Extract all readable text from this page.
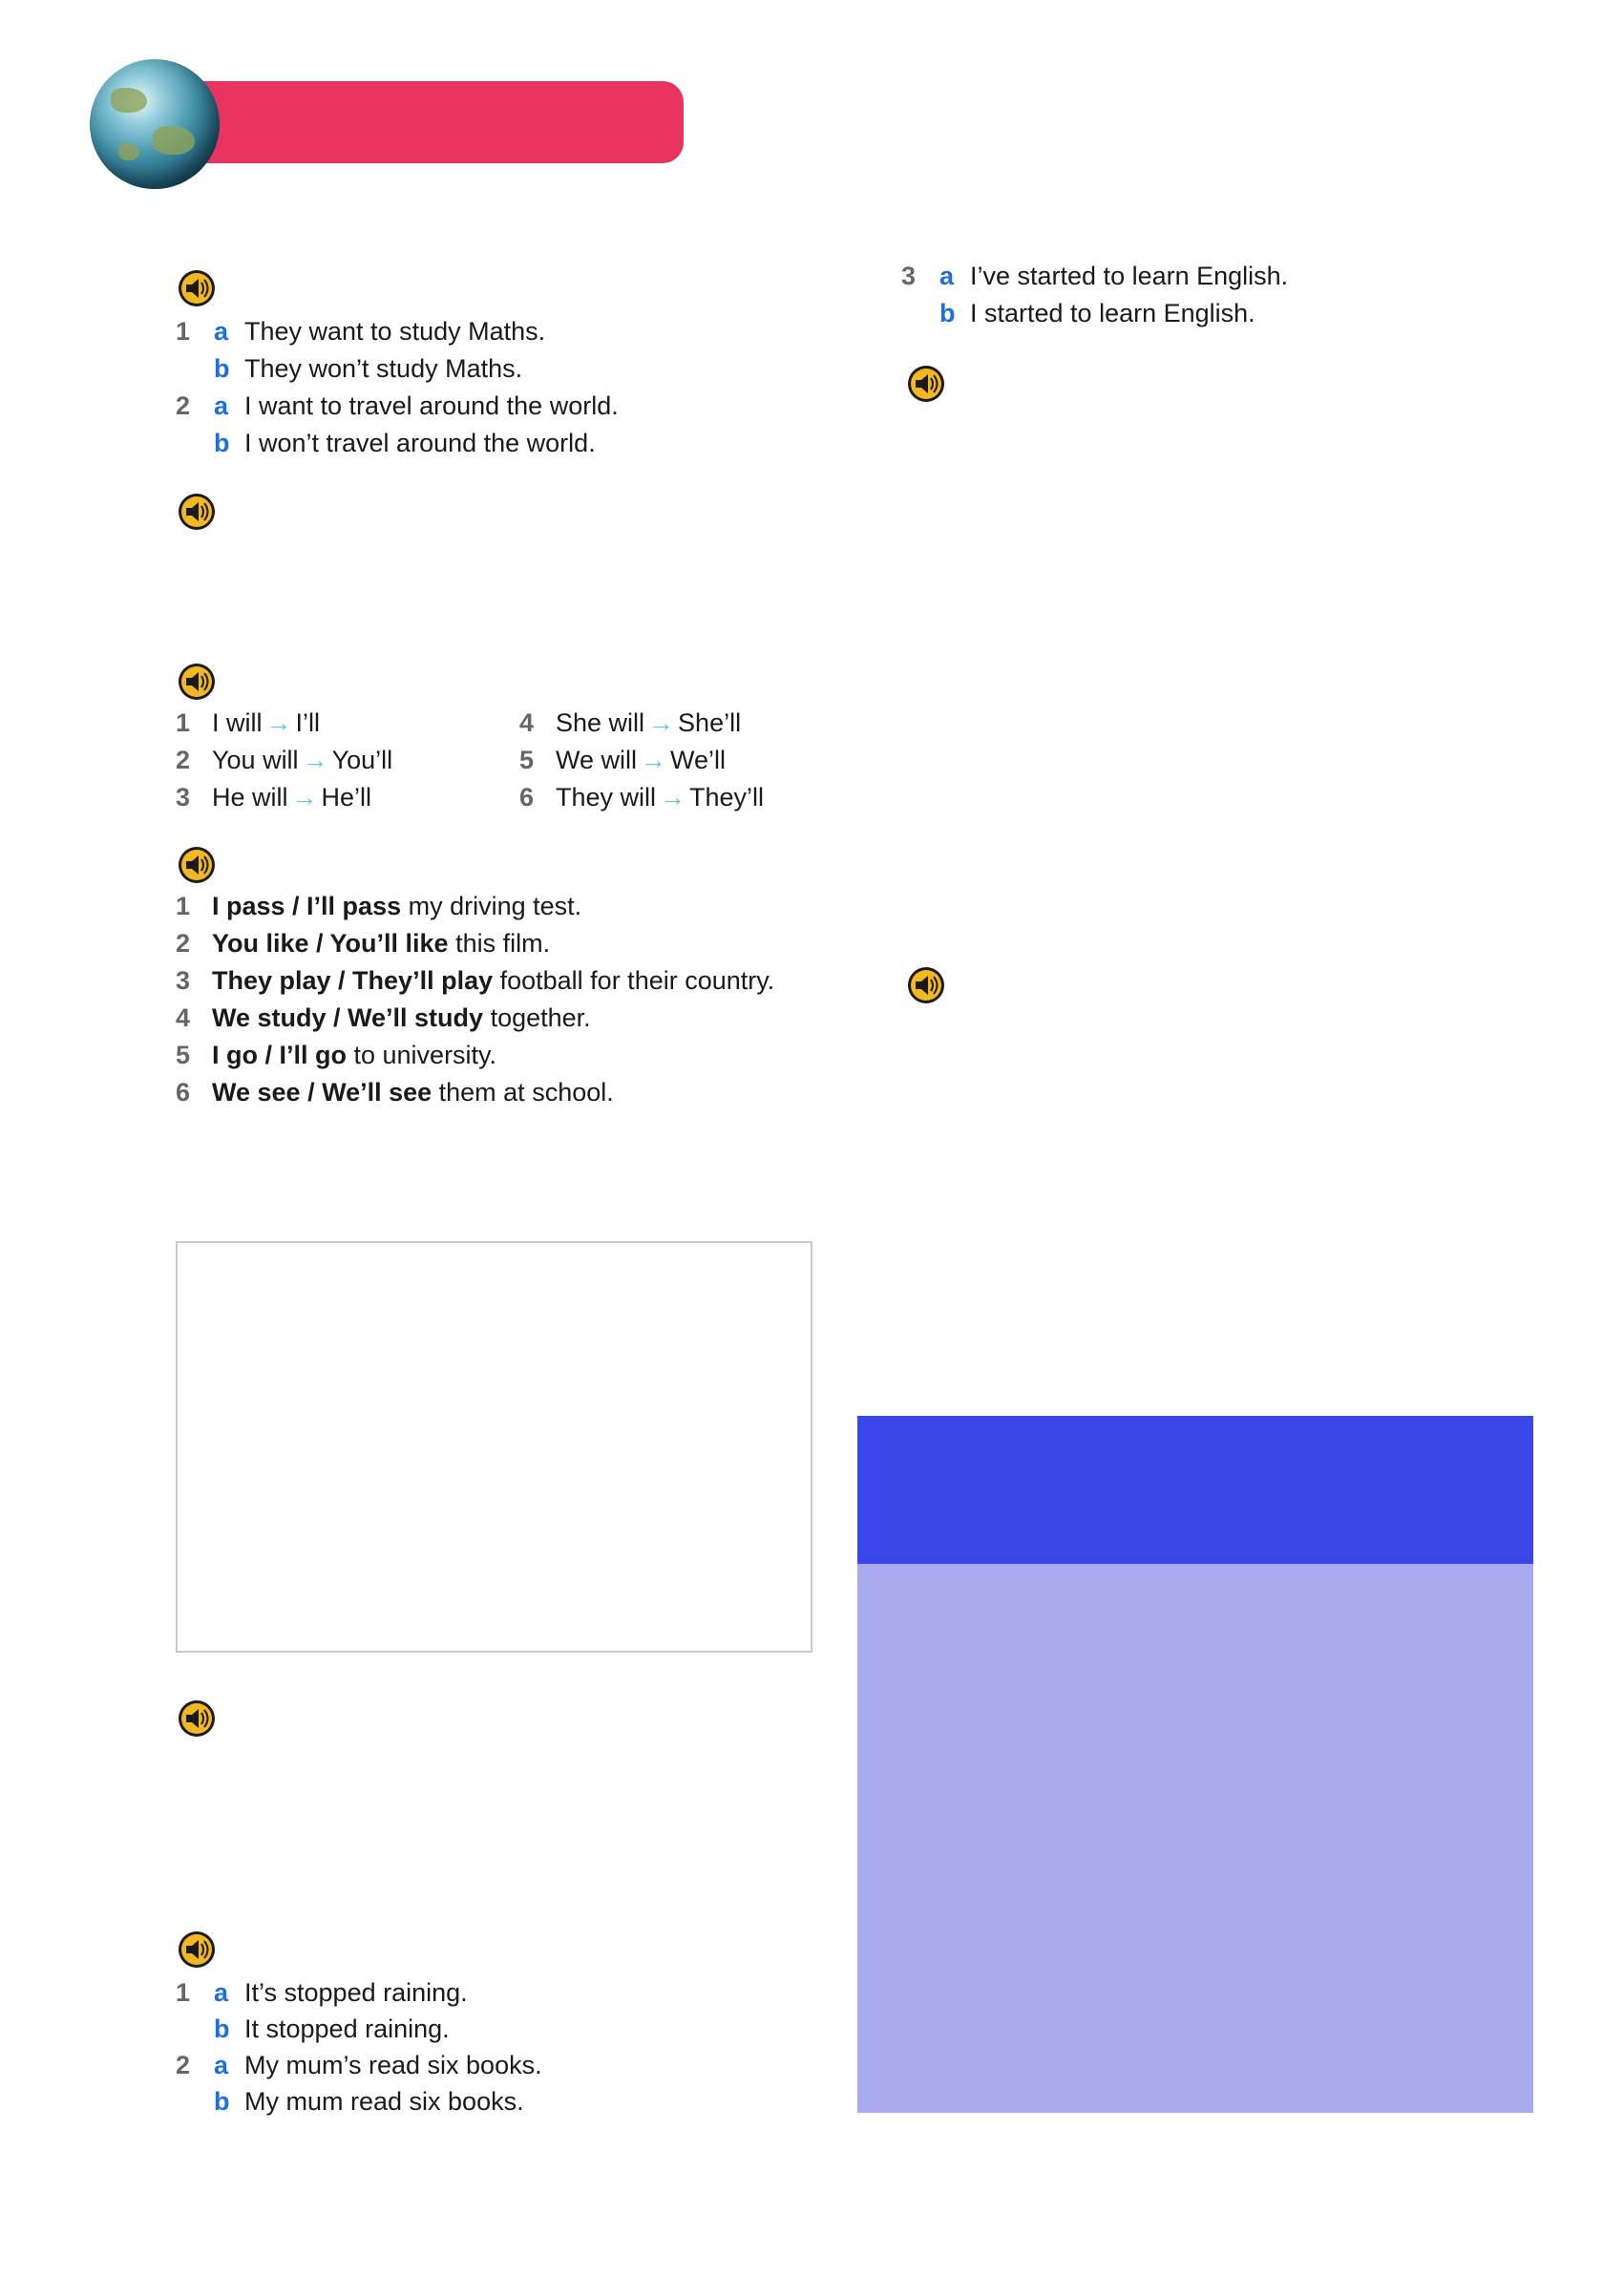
1 a They want to study Maths.
b They won’t study Maths.
2 a I want to travel around the world.
b I won’t travel around the world.
1 I will → I’ll
2 You will → You’ll
3 He will → He’ll
4 She will → She’ll
5 We will → We’ll
6 They will → They’ll
1 I pass / I’ll pass my driving test.
2 You like / You’ll like this film.
3 They play / They’ll play football for their country.
4 We study / We’ll study together.
5 I go / I’ll go to university.
6 We see / We’ll see them at school.
1 a It’s stopped raining.
b It stopped raining.
2 a My mum’s read six books.
b My mum read six books.
3 a I’ve started to learn English.
b I started to learn English.
